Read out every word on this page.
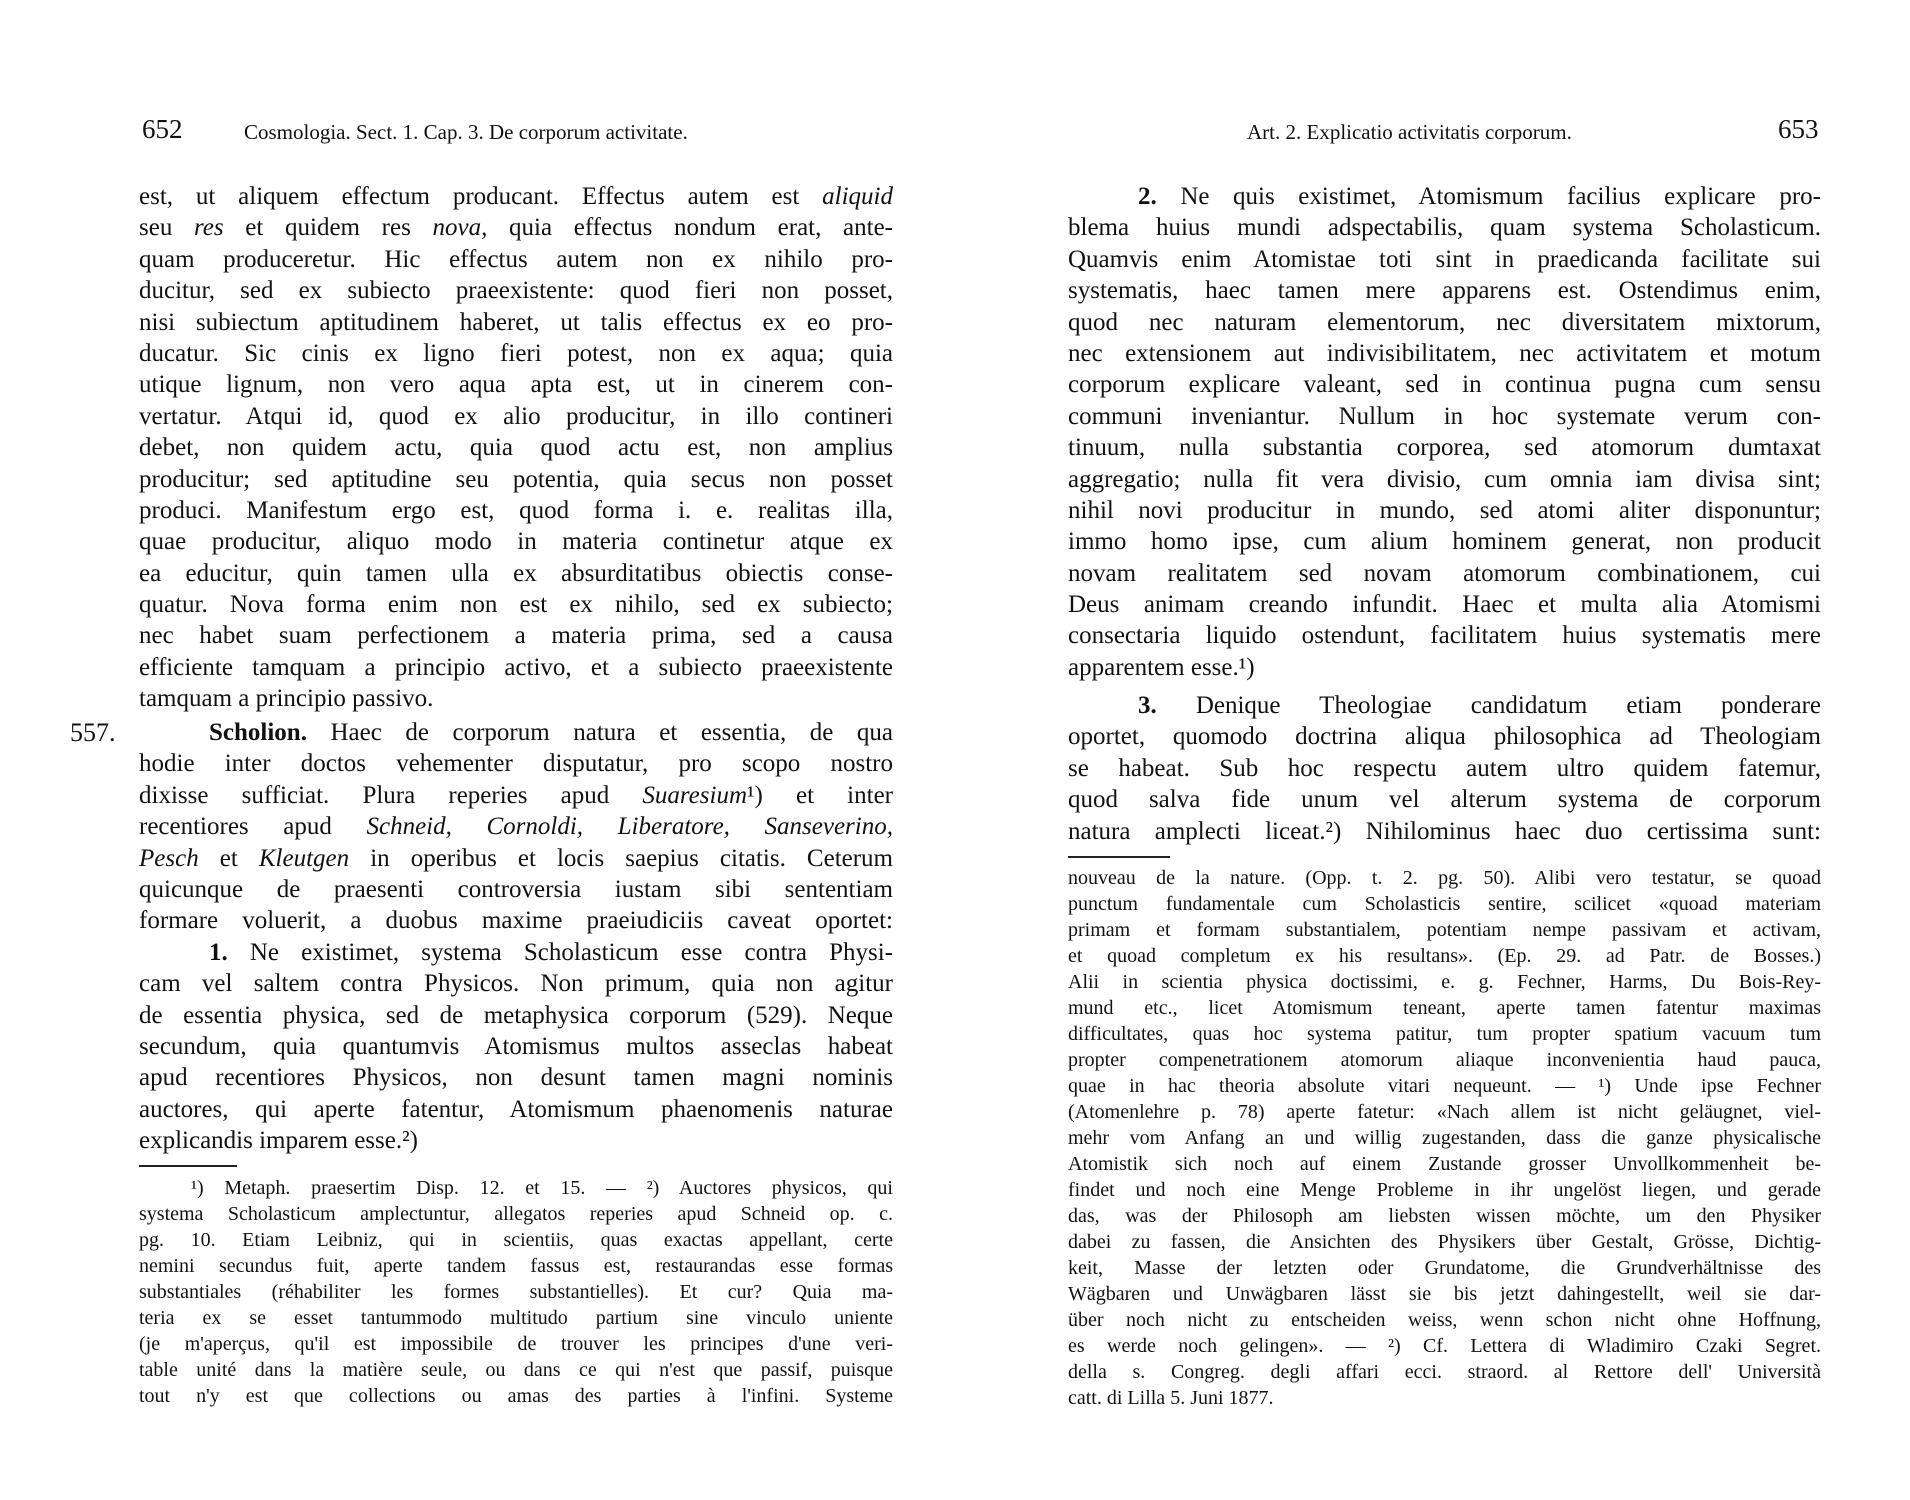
652	Cosmologia. Sect. 1. Cap. 3. De corporum activitate.
est, ut aliquem effectum producant. Effectus autem est aliquid
seu res et quidem res nova, quia effectus nondum erat, ante-
quam produceretur. Hic effectus autem non ex nihilo pro-
ducitur, sed ex subiecto praeexistente: quod fieri non posset,
nisi subiectum aptitudinem haberet, ut talis effectus ex eo pro-
ducatur. Sic cinis ex ligno fieri potest, non ex aqua; quia
utique lignum, non vero aqua apta est, ut in cinerem con-
vertatur. Atqui id, quod ex alio producitur, in illo contineri
debet, non quidem actu, quia quod actu est, non amplius
producitur; sed aptitudine seu potentia, quia secus non posset
produci. Manifestum ergo est, quod forma i. e. realitas illa,
quae producitur, aliquo modo in materia continetur atque ex
ea educitur, quin tamen ulla ex absurditatibus obiectis conse-
quatur. Nova forma enim non est ex nihilo, sed ex subiecto;
nec habet suam perfectionem a materia prima, sed a causa
efficiente tamquam a principio activo, et a subiecto praeexistente
tamquam a principio passivo.
557.	Scholion. Haec de corporum natura et essentia, de qua
hodie inter doctos vehementer disputatur, pro scopo nostro
dixisse sufficiat. Plura reperies apud Suaresium¹) et inter
recentiores apud Schneid, Cornoldi, Liberatore, Sanseverino,
Pesch et Kleutgen in operibus et locis saepius citatis. Ceterum
quicunque de praesenti controversia iustam sibi sententiam
formare voluerit, a duobus maxime praeiudiciis caveat oportet:
1. Ne existimet, systema Scholasticum esse contra Physi-
cam vel saltem contra Physicos. Non primum, quia non agitur
de essentia physica, sed de metaphysica corporum (529). Neque
secundum, quia quantumvis Atomismus multos asseclas habeat
apud recentiores Physicos, non desunt tamen magni nominis
auctores, qui aperte fatentur, Atomismum phaenomenis naturae
explicandis imparem esse.²)
¹) Metaph. praesertim Disp. 12. et 15. — ²) Auctores physicos, qui
systema Scholasticum amplectuntur, allegatos reperies apud Schneid op. c.
pg. 10. Etiam Leibniz, qui in scientiis, quas exactas appellant, certe
nemini secundus fuit, aperte tandem fassus est, restaurandas esse formas
substantiales (réhabiliter les formes substantielles). Et cur? Quia ma-
teria ex se esset tantummodo multitudo partium sine vinculo uniente
(je m'aperçus, qu'il est impossibile de trouver les principes d'une veri-
table unité dans la matière seule, ou dans ce qui n'est que passif, puisque
tout n'y est que collections ou amas des parties à l'infini. Systeme
Art. 2. Explicatio activitatis corporum.	653
2. Ne quis existimet, Atomismum facilius explicare pro-
blema huius mundi adspectabilis, quam systema Scholasticum.
Quamvis enim Atomistae toti sint in praedicanda facilitate sui
systematis, haec tamen mere apparens est. Ostendimus enim,
quod nec naturam elementorum, nec diversitatem mixtorum,
nec extensionem aut indivisibilitatem, nec activitatem et motum
corporum explicare valeant, sed in continua pugna cum sensu
communi inveniantur. Nullum in hoc systemate verum con-
tinuum, nulla substantia corporea, sed atomorum dumtaxat
aggregatio; nulla fit vera divisio, cum omnia iam divisa sint;
nihil novi producitur in mundo, sed atomi aliter disponuntur;
immo homo ipse, cum alium hominem generat, non producit
novam realitatem sed novam atomorum combinationem, cui
Deus animam creando infundit. Haec et multa alia Atomismi
consectaria liquido ostendunt, facilitatem huius systematis mere
apparentem esse.¹)
3. Denique Theologiae candidatum etiam ponderare
oportet, quomodo doctrina aliqua philosophica ad Theologiam
se habeat. Sub hoc respectu autem ultro quidem fatemur,
quod salva fide unum vel alterum systema de corporum
natura amplecti liceat.²) Nihilominus haec duo certissima sunt:
nouveau de la nature. (Opp. t. 2. pg. 50). Alibi vero testatur, se quoad
punctum fundamentale cum Scholasticis sentire, scilicet «quoad materiam
primam et formam substantialem, potentiam nempe passivam et activam,
et quoad completum ex his resultans». (Ep. 29. ad Patr. de Bosses.)
Alii in scientia physica doctissimi, e. g. Fechner, Harms, Du Bois-Rey-
mund etc., licet Atomismum teneant, aperte tamen fatentur maximas
difficultates, quas hoc systema patitur, tum propter spatium vacuum tum
propter compenetrationem atomorum aliaque inconvenientia haud pauca,
quae in hac theoria absolute vitari nequeunt. — ¹) Unde ipse Fechner
(Atomenlehre p. 78) aperte fatetur: «Nach allem ist nicht geläugnet, viel-
mehr vom Anfang an und willig zugestanden, dass die ganze physicalische
Atomistik sich noch auf einem Zustande grosser Unvollkommenheit be-
findet und noch eine Menge Probleme in ihr ungelöst liegen, und gerade
das, was der Philosoph am liebsten wissen möchte, um den Physiker
dabei zu fassen, die Ansichten des Physikers über Gestalt, Grösse, Dichtig-
keit, Masse der letzten oder Grundatome, die Grundverhältnisse des
Wägbaren und Unwägbaren lässt sie bis jetzt dahingestellt, weil sie dar-
über noch nicht zu entscheiden weiss, wenn schon nicht ohne Hoffnung,
es werde noch gelingen». — ²) Cf. Lettera di Wladimiro Czaki Segret.
della s. Congreg. degli affari ecci. straord. al Rettore dell' Università
catt. di Lilla 5. Juni 1877.
